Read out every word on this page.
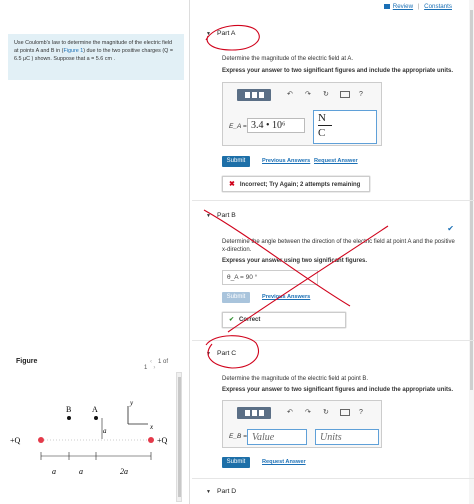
Use Coulomb's law to determine the magnitude of the electric field at points A and B in (Figure 1) due to the two positive charges (Q = 6.5 μC ) shown. Suppose that a = 5.6 cm .
Figure	‹ 1 of 1 ›
y
x
B	A
a
+Q	+Q
a	a	2a
Review | Constants
▼ Part A
Determine the magnitude of the electric field at A.
Express your answer to two significant figures and include the appropriate units.
↶ ↷ ↻	?
E_A = 3.4 • 10⁶
N
C
Submit	Previous Answers Request Answer
✖ Incorrect; Try Again; 2 attempts remaining
▼ Part B
✔
Determine the angle between the direction of the electric field at point A and the positive x-direction.
Express your answer using two significant figures.
θ_A = 90 °
Submit	Previous Answers
✔ Correct
▼ Part C
Determine the magnitude of the electric field at point B.
Express your answer to two significant figures and include the appropriate units.
↶ ↷ ↻	?
E_B = Value	Units
Submit	Request Answer
▼ Part D
